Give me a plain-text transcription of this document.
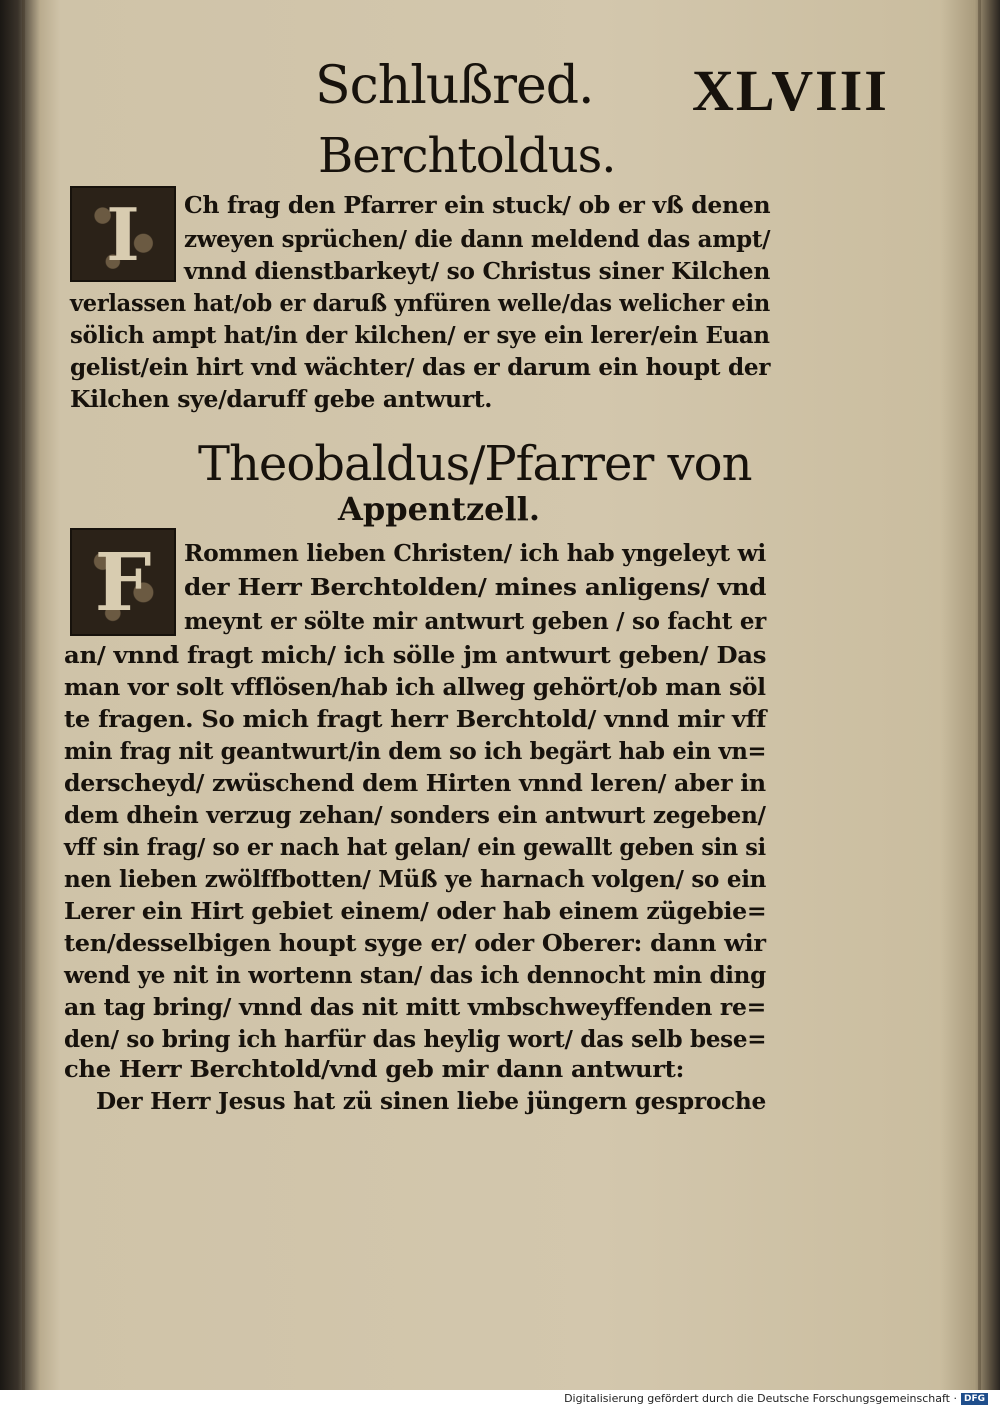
Schlußred. XLVIII
Berchtoldus.
I Ch frag den Pfarrer ein stuck/ ob er vß denen
zweyen sprüchen/ die dann meldend das ampt/
vnnd dienstbarkeyt/ so Christus siner Kilchen
verlassen hat/ob er daruß ynfüren welle/das welicher ein
sölich ampt hat/in der kilchen/ er sye ein lerer/ein Euan
gelist/ein hirt vnd wächter/ das er darum ein houpt der
Kilchen sye/daruff gebe antwurt.
Theobaldus/Pfarrer von
Appentzell.
F Rommen lieben Christen/ ich hab yngeleyt wi
der Herr Berchtolden/ mines anligens/ vnd
meynt er sölte mir antwurt geben / so facht er
an/ vnnd fragt mich/ ich sölle jm antwurt geben/ Das
man vor solt vfflösen/hab ich allweg gehört/ob man söl
te fragen. So mich fragt herr Berchtold/ vnnd mir vff
min frag nit geantwurt/in dem so ich begärt hab ein vn=
derscheyd/ zwüschend dem Hirten vnnd leren/ aber in
dem dhein verzug zehan/ sonders ein antwurt zegeben/
vff sin frag/ so er nach hat gelan/ ein gewallt geben sin si
nen lieben zwölffbotten/ Müß ye harnach volgen/ so ein
Lerer ein Hirt gebiet einem/ oder hab einem zügebie=
ten/desselbigen houpt syge er/ oder Oberer: dann wir
wend ye nit in wortenn stan/ das ich dennocht min ding
an tag bring/ vnnd das nit mitt vmbschweyffenden re=
den/ so bring ich harfür das heylig wort/ das selb bese=
che Herr Berchtold/vnd geb mir dann antwurt:
Der Herr Jesus hat zü sinen liebe jüngern gesproche
Digitalisierung gefördert durch die Deutsche Forschungsgemeinschaft · DFG
